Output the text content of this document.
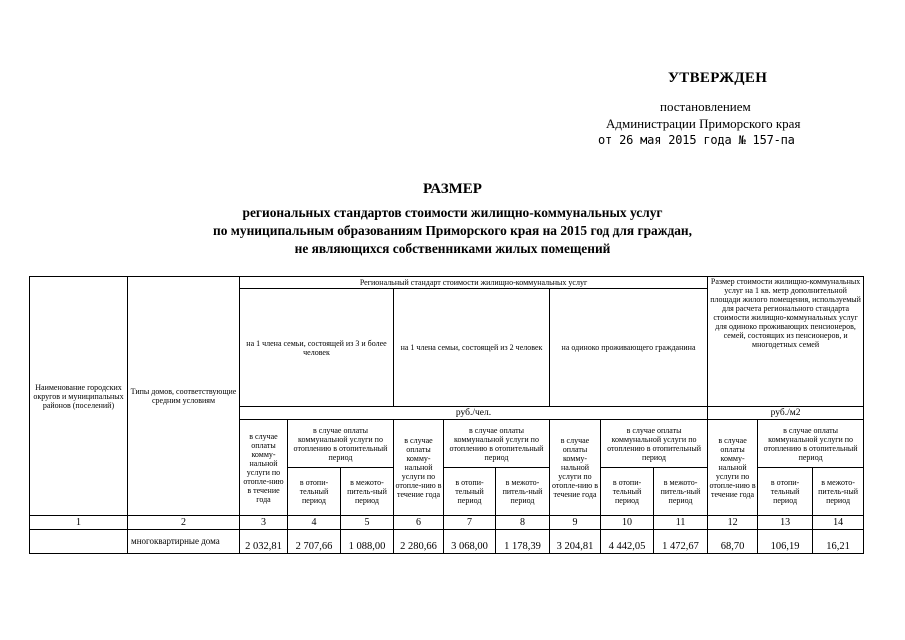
УТВЕРЖДЕН
постановлением
Администрации Приморского края
от 26 мая 2015 года № 157-па
РАЗМЕР
региональных стандартов стоимости жилищно-коммунальных услуг
по муниципальным образованиям Приморского края на 2015 год для граждан,
не являющихся собственниками жилых помещений
Наименование городских округов и муниципальных районов (поселений)	Типы домов, соответствующие средним условиям	Региональный стандарт стоимости жилищно-коммунальных услуг									Размер стоимости жилищно-коммунальных услуг на 1 кв. метр дополнительной площади жилого помещения, используемый для расчета регионального стандарта стоимости жилищно-коммунальных услуг для одиноко проживающих пенсионеров, семей, состоящих из пенсионеров, и многодетных семей		
		на 1 члена семьи, состоящей из 3 и более человек			на 1 члена семьи, состоящей из 2 человек			на одиноко проживающего гражданина					
		руб./чел.									руб./м2		
		в случае оплаты комму-нальной услуги по отопле-нию в течение года	в случае оплаты коммунальной услуги по отоплению в отопительный период		в случае оплаты комму-нальной услуги по отопле-нию в течение года	в случае оплаты коммунальной услуги по отоплению в отопительный период		в случае оплаты комму-нальной услуги по отопле-нию в течение года	в случае оплаты коммунальной услуги по отоплению в отопительный период		в случае оплаты комму-нальной услуги по отопле-нию в течение года	в случае оплаты коммунальной услуги по отоплению в отопительный период	
			в отопи-тельный период	в межото-питель-ный период		в отопи-тельный период	в межото-питель-ный период		в отопи-тельный период	в межото-питель-ный период		в отопи-тельный период	в межото-питель-ный период
1	2	3	4	5	6	7	8	9	10	11	12	13	14
	многоквартирные дома	2 032,81	2 707,66	1 088,00	2 280,66	3 068,00	1 178,39	3 204,81	4 442,05	1 472,67	68,70	106,19	16,21
